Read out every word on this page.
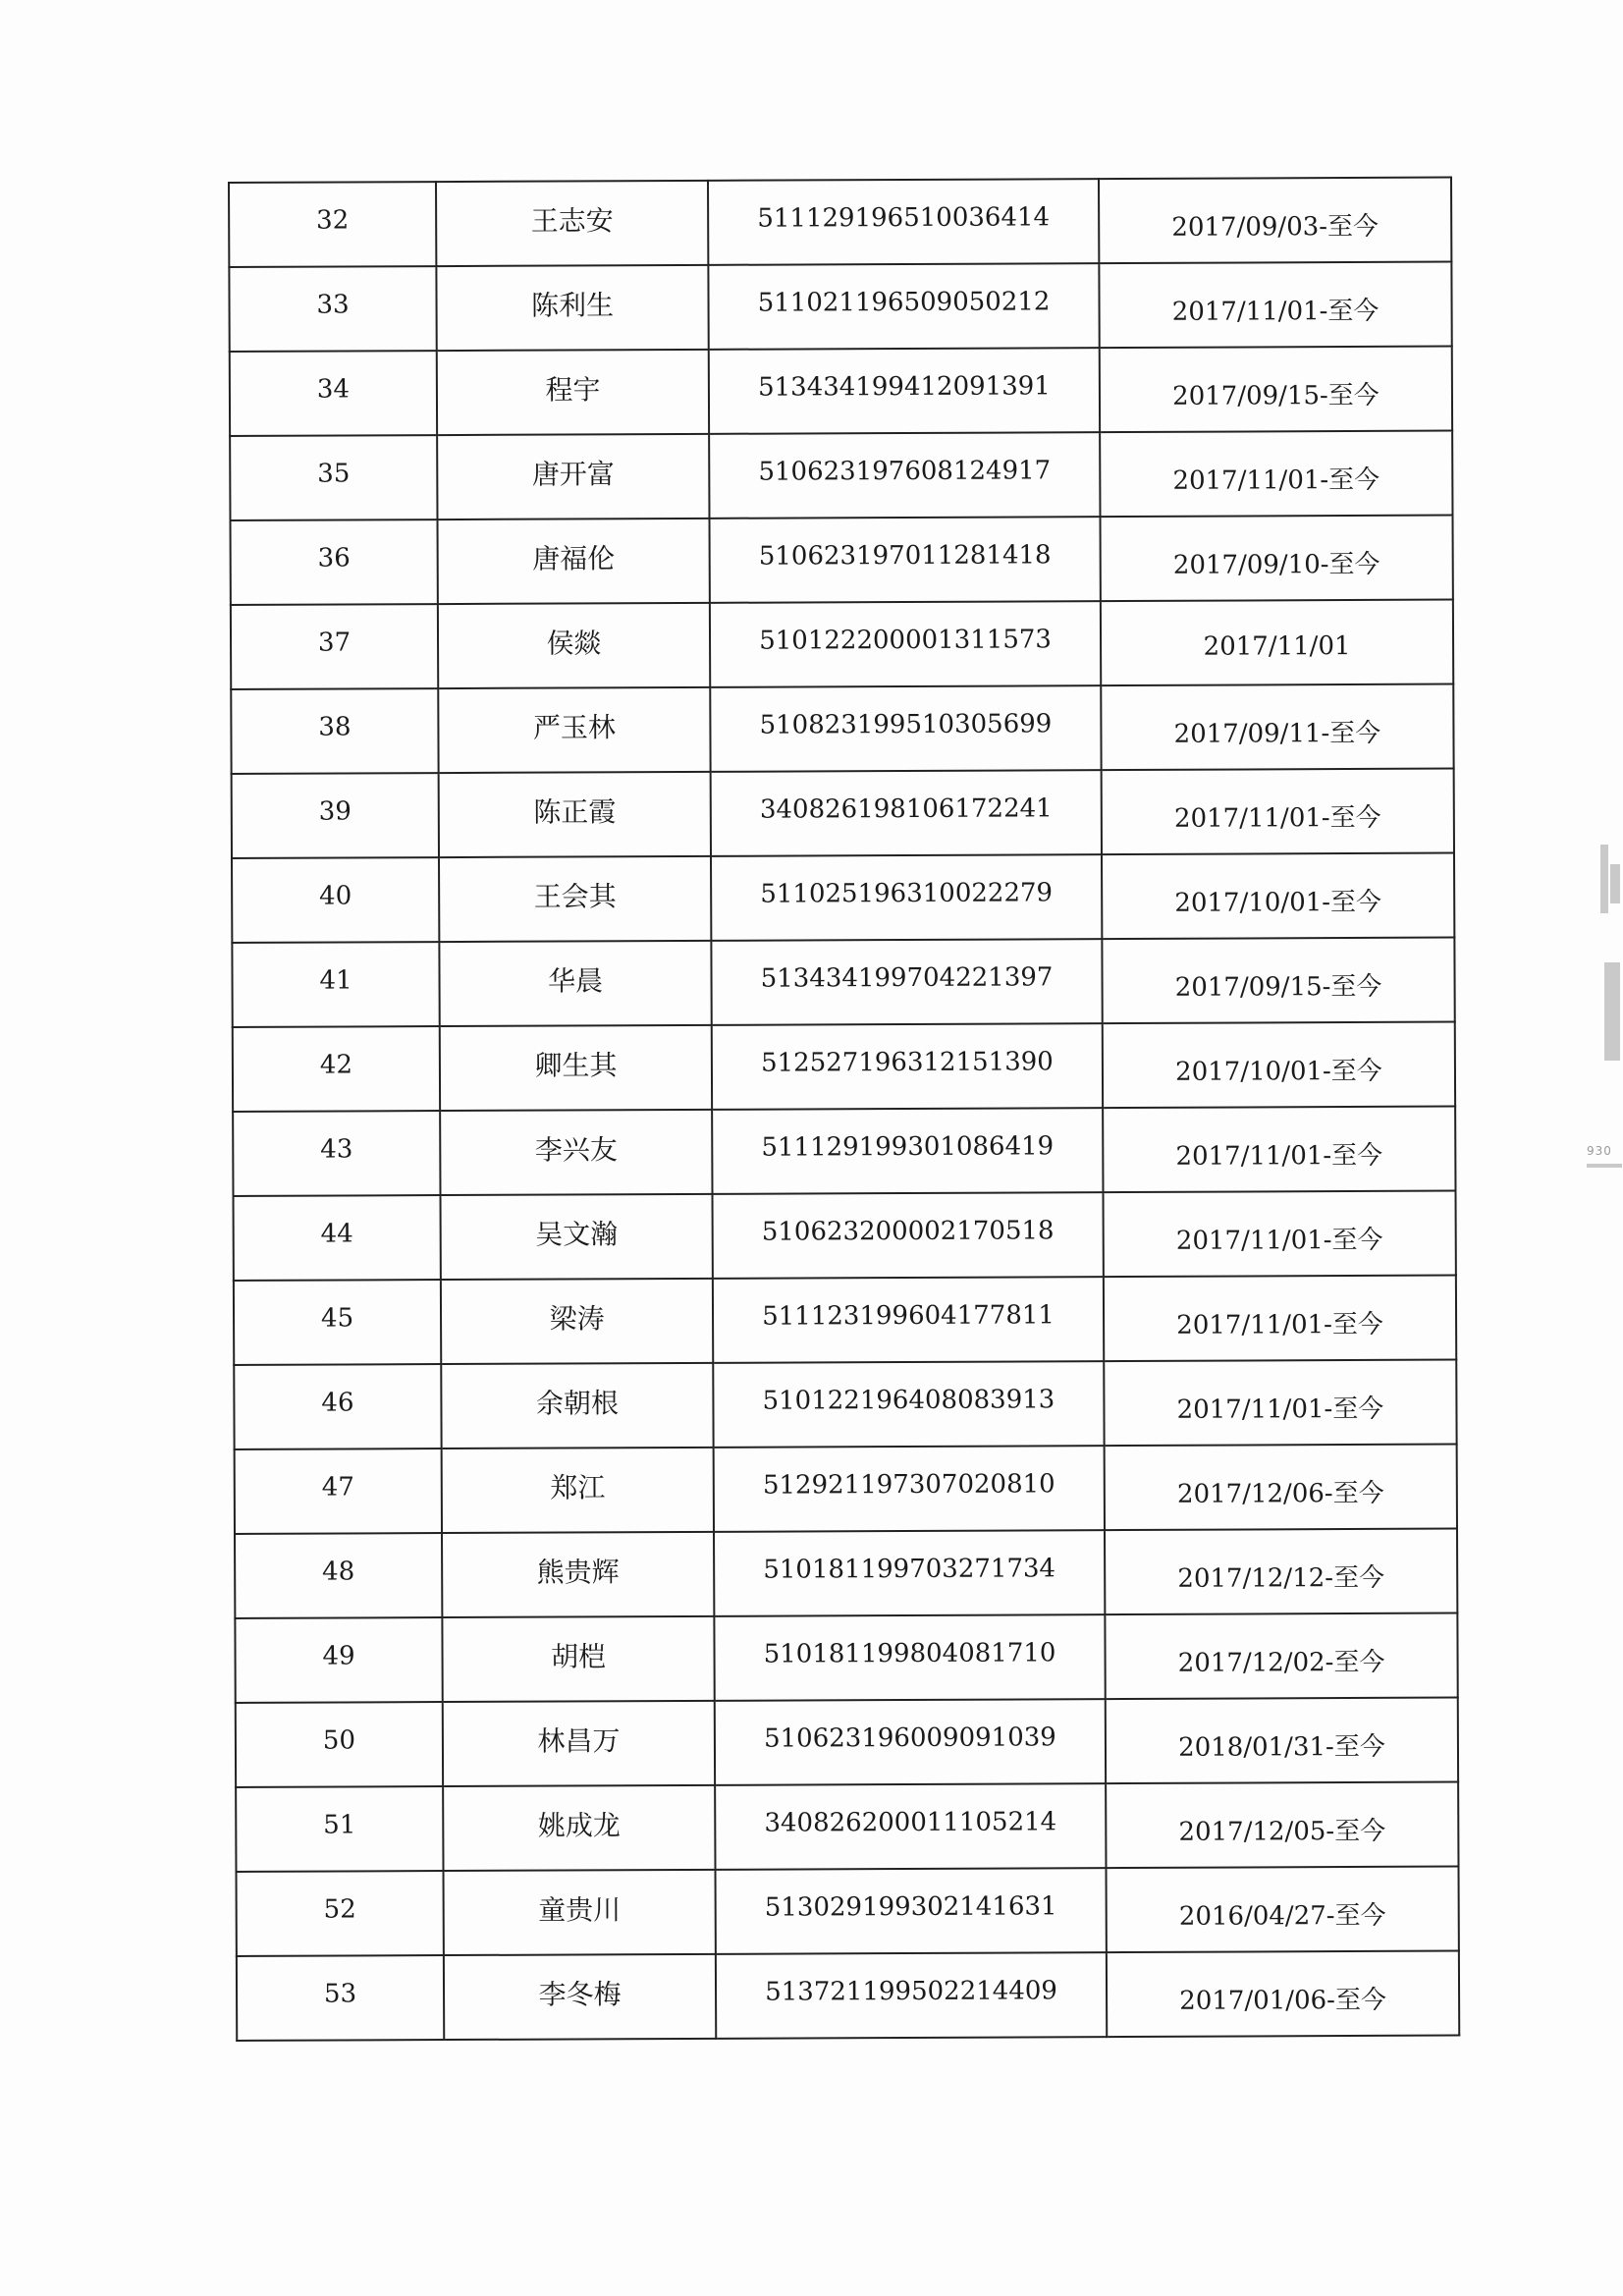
32	王志安	511129196510036414	2017/09/03-至今
33	陈利生	511021196509050212	2017/11/01-至今
34	程宇	513434199412091391	2017/09/15-至今
35	唐开富	510623197608124917	2017/11/01-至今
36	唐福伦	510623197011281418	2017/09/10-至今
37	侯燚	510122200001311573	2017/11/01
38	严玉林	510823199510305699	2017/09/11-至今
39	陈正霞	340826198106172241	2017/11/01-至今
40	王会其	511025196310022279	2017/10/01-至今
41	华晨	513434199704221397	2017/09/15-至今
42	卿生其	512527196312151390	2017/10/01-至今
43	李兴友	511129199301086419	2017/11/01-至今
44	吴文瀚	510623200002170518	2017/11/01-至今
45	梁涛	511123199604177811	2017/11/01-至今
46	余朝根	510122196408083913	2017/11/01-至今
47	郑江	512921197307020810	2017/12/06-至今
48	熊贵辉	510181199703271734	2017/12/12-至今
49	胡桤	510181199804081710	2017/12/02-至今
50	林昌万	510623196009091039	2018/01/31-至今
51	姚成龙	340826200011105214	2017/12/05-至今
52	童贵川	513029199302141631	2016/04/27-至今
53	李冬梅	513721199502214409	2017/01/06-至今
930
